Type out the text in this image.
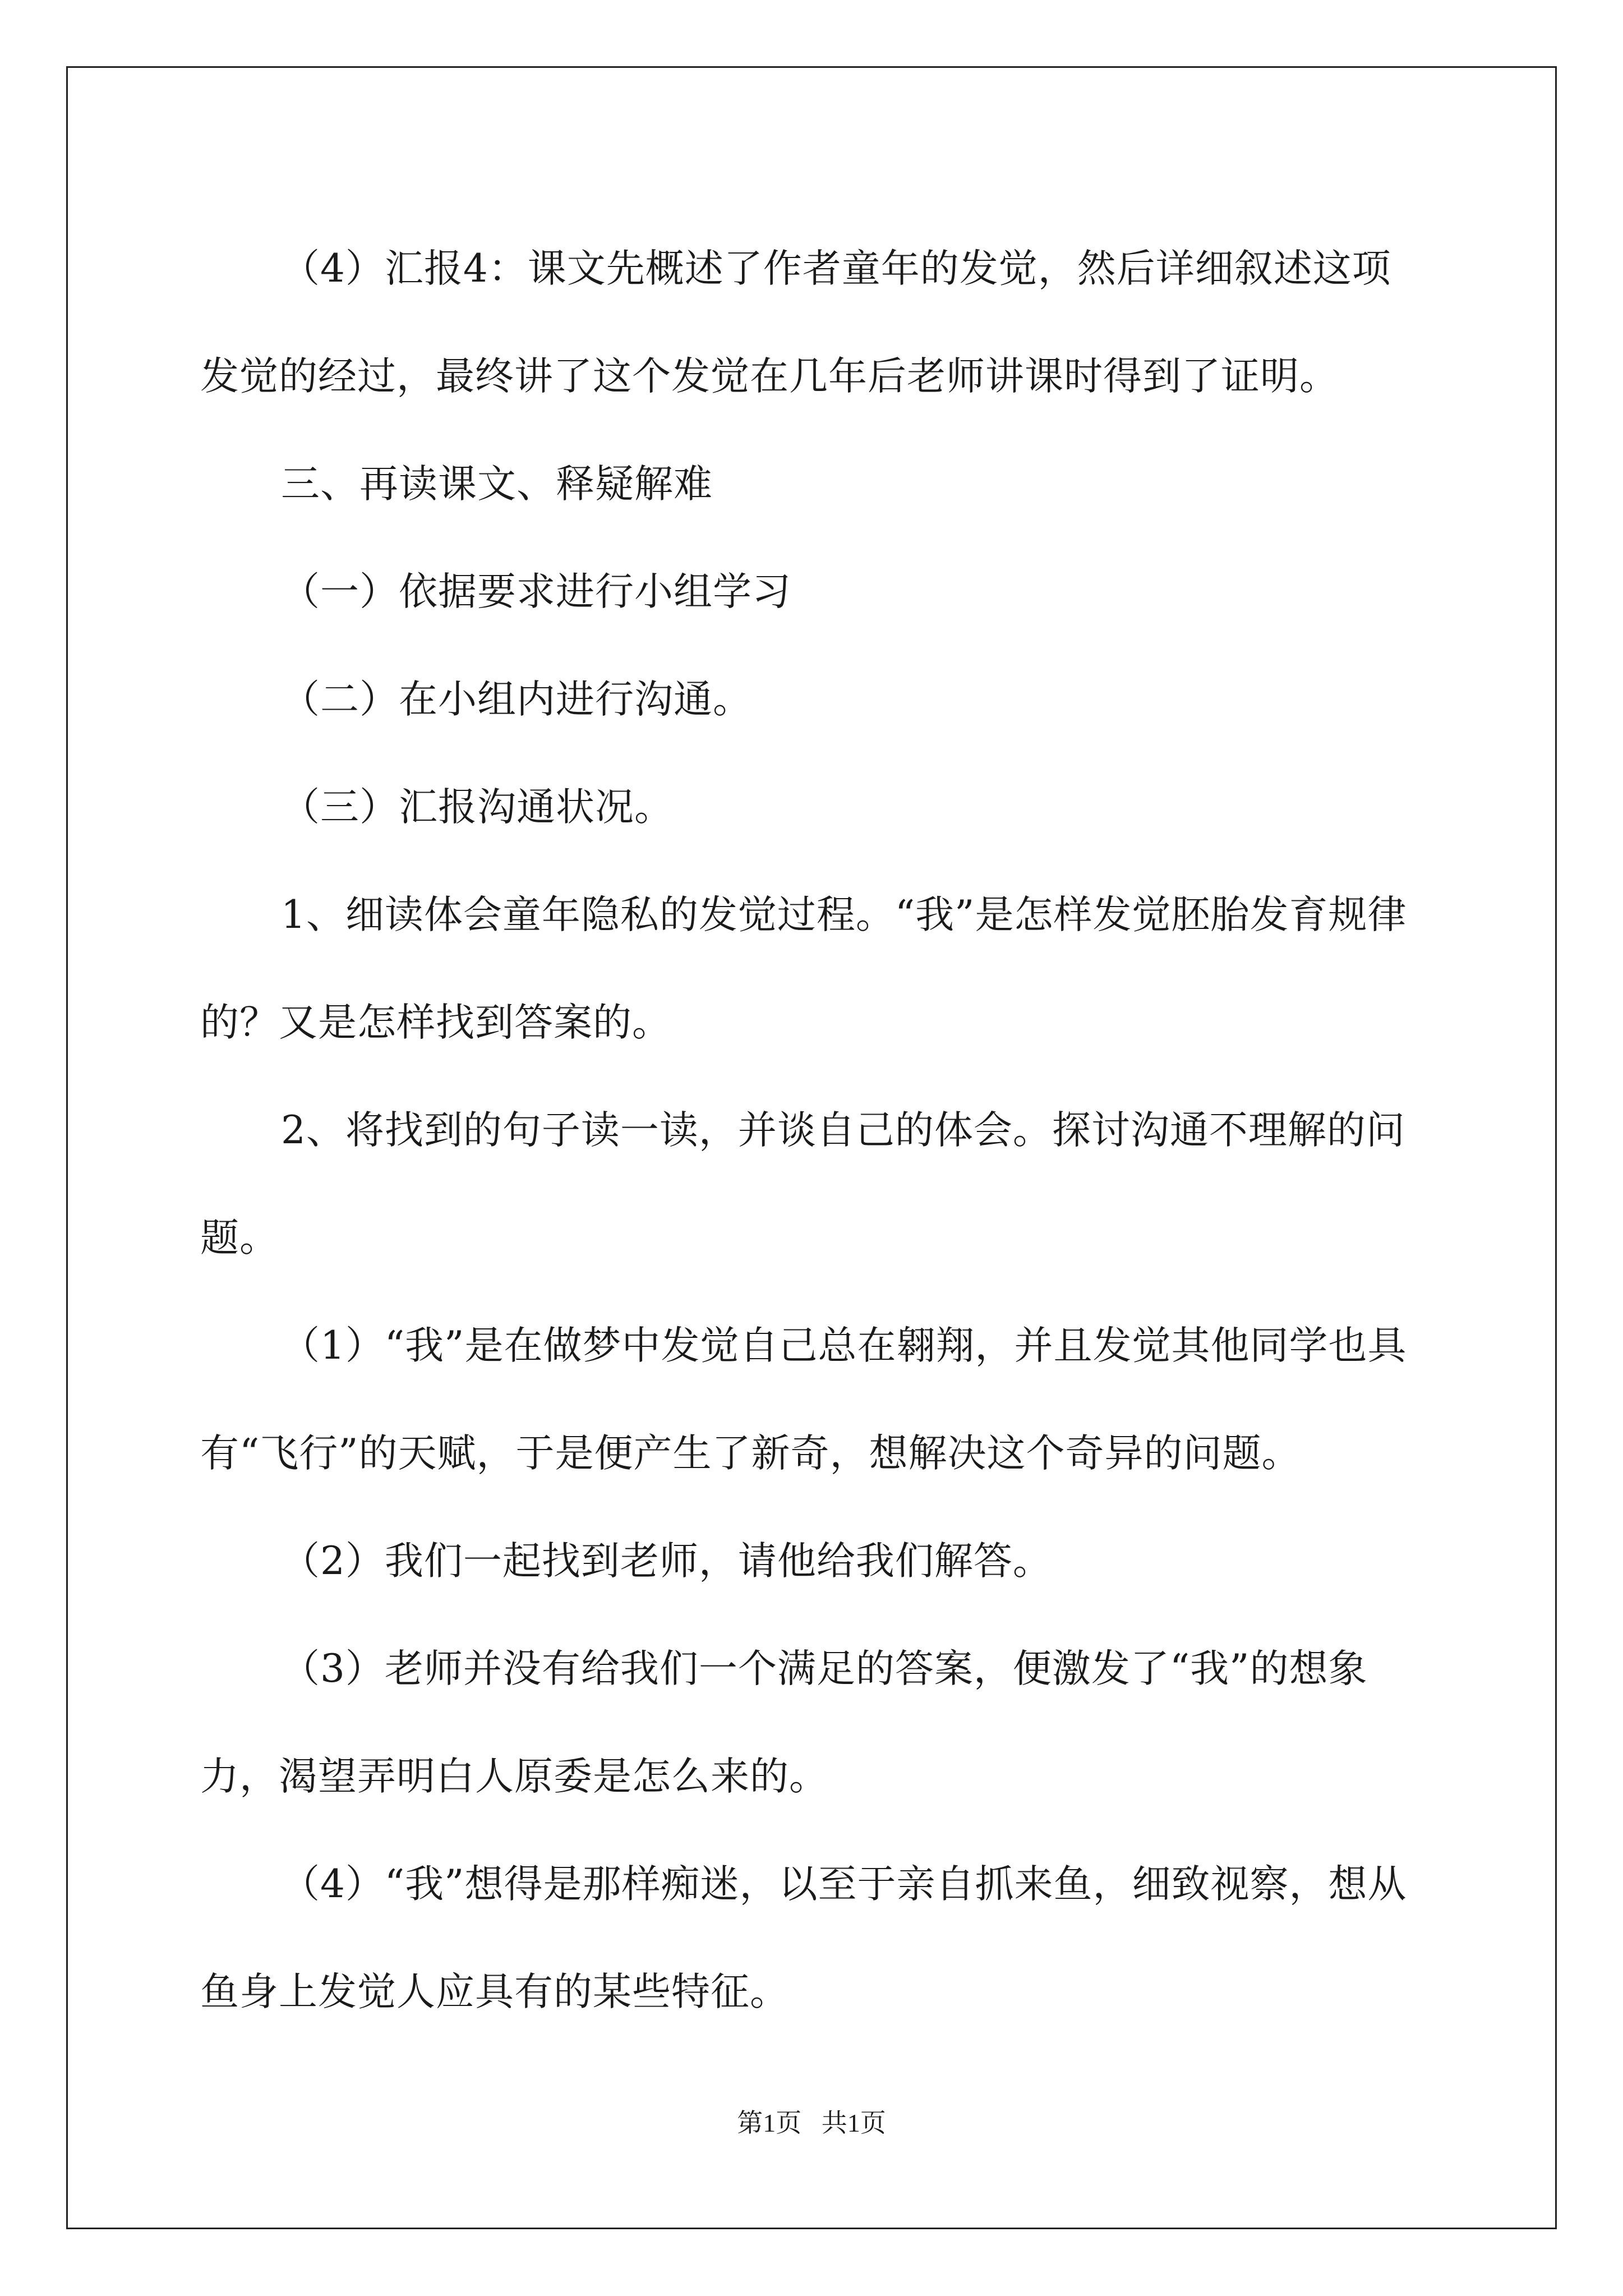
（4）汇报4：课文先概述了作者童年的发觉，然后详细叙述这项发觉的经过，最终讲了这个发觉在几年后老师讲课时得到了证明。

三、再读课文、释疑解难

（一）依据要求进行小组学习

（二）在小组内进行沟通。

（三）汇报沟通状况。

1、细读体会童年隐私的发觉过程。“我”是怎样发觉胚胎发育规律的？又是怎样找到答案的。

2、将找到的句子读一读，并谈自己的体会。探讨沟通不理解的问题。

（1）“我”是在做梦中发觉自己总在翱翔，并且发觉其他同学也具有“飞行”的天赋，于是便产生了新奇，想解决这个奇异的问题。

（2）我们一起找到老师，请他给我们解答。

（3）老师并没有给我们一个满足的答案，便激发了“我”的想象力，渴望弄明白人原委是怎么来的。

（4）“我”想得是那样痴迷，以至于亲自抓来鱼，细致视察，想从鱼身上发觉人应具有的某些特征。

第1页 共1页
